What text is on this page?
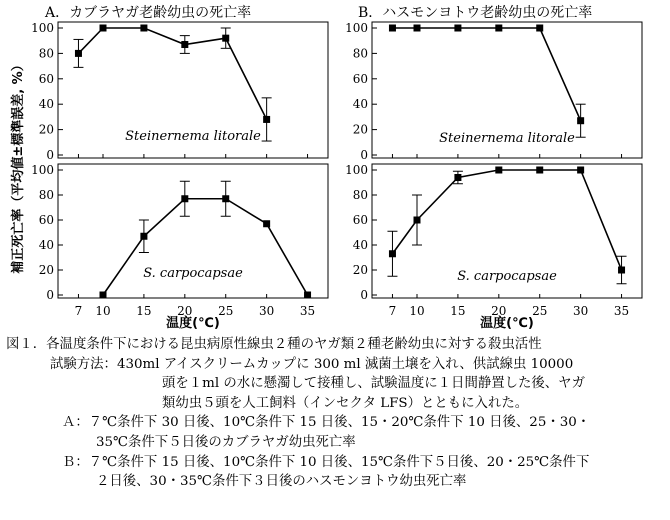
A．カブラヤガ老齢幼虫の死亡率	B．ハスモンヨトウ老齢幼虫の死亡率
補正死亡率（平均値±標準誤差, %） 0
20
40
60
80
100
Steinernema litorale
0
20
40
60
80
100
Steinernema litorale
0
20
40
60
80
100
7 10 15 20 25 30 35
S. carpocapsae
0
20
40
60
80
100
7 10 15 20 25 30 35
S. carpocapsae
温度(℃)	温度(℃)
図１．各温度条件下における昆虫病原性線虫２種のヤガ類２種老齢幼虫に対する殺虫活性
試験方法：430ml アイスクリームカップに 300 ml 滅菌土壌を入れ、供試線虫 10000
頭を１ml の水に懸濁して接種し、試験温度に１日間静置した後、ヤガ
類幼虫５頭を人工飼料（インセクタ LFS）とともに入れた。
Ａ：７℃条件下 30 日後、10℃条件下 15 日後、15・20℃条件下 10 日後、25・30・
35℃条件下５日後のカブラヤガ幼虫死亡率
Ｂ：７℃条件下 15 日後、10℃条件下 10 日後、15℃条件下５日後、20・25℃条件下
２日後、30・35℃条件下３日後のハスモンヨトウ幼虫死亡率
